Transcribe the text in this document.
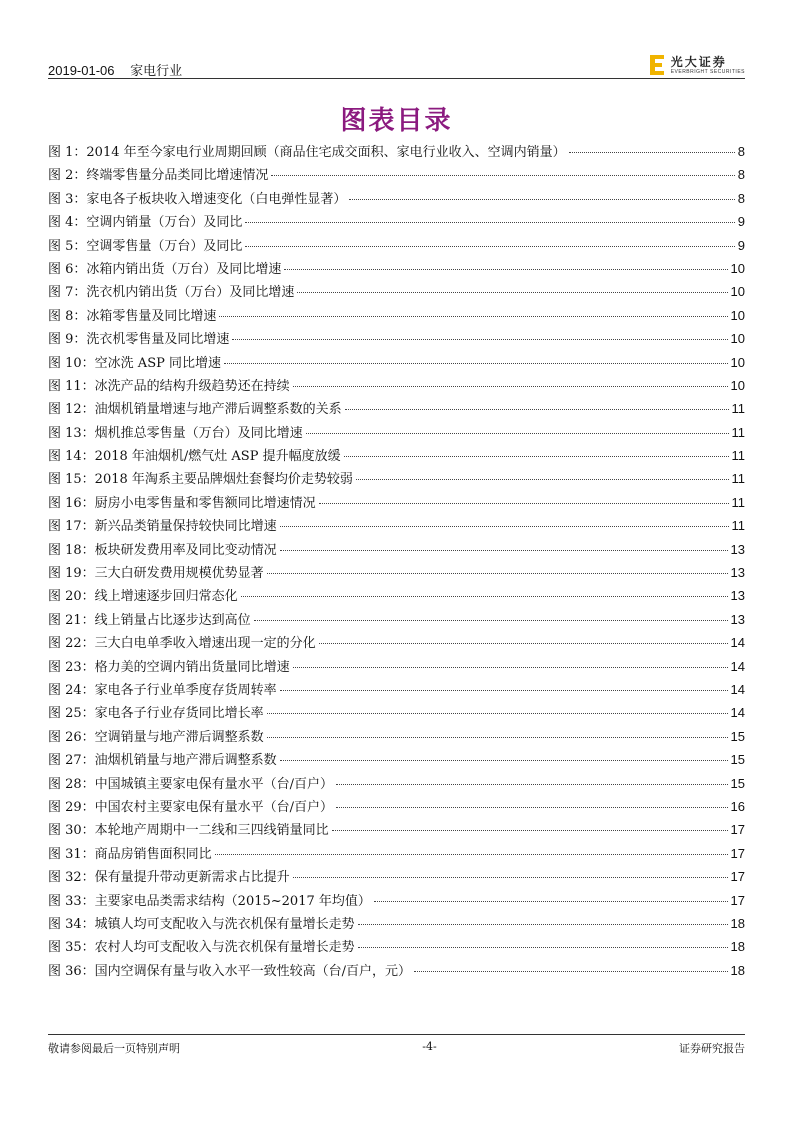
2019-01-06 家电行业
光大证券
EVERBRIGHT SECURITIES
图表目录
图 1：2014 年至今家电行业周期回顾（商品住宅成交面积、家电行业收入、空调内销量）	8
图 2：终端零售量分品类同比增速情况	8
图 3：家电各子板块收入增速变化（白电弹性显著）	8
图 4：空调内销量（万台）及同比	9
图 5：空调零售量（万台）及同比	9
图 6：冰箱内销出货（万台）及同比增速	10
图 7：洗衣机内销出货（万台）及同比增速	10
图 8：冰箱零售量及同比增速	10
图 9：洗衣机零售量及同比增速	10
图 10：空冰洗 ASP 同比增速	10
图 11：冰洗产品的结构升级趋势还在持续	10
图 12：油烟机销量增速与地产滞后调整系数的关系	11
图 13：烟机推总零售量（万台）及同比增速	11
图 14：2018 年油烟机/燃气灶 ASP 提升幅度放缓	11
图 15：2018 年淘系主要品牌烟灶套餐均价走势较弱	11
图 16：厨房小电零售量和零售额同比增速情况	11
图 17：新兴品类销量保持较快同比增速	11
图 18：板块研发费用率及同比变动情况	13
图 19：三大白研发费用规模优势显著	13
图 20：线上增速逐步回归常态化	13
图 21：线上销量占比逐步达到高位	13
图 22：三大白电单季收入增速出现一定的分化	14
图 23：格力美的空调内销出货量同比增速	14
图 24：家电各子行业单季度存货周转率	14
图 25：家电各子行业存货同比增长率	14
图 26：空调销量与地产滞后调整系数	15
图 27：油烟机销量与地产滞后调整系数	15
图 28：中国城镇主要家电保有量水平（台/百户）	15
图 29：中国农村主要家电保有量水平（台/百户）	16
图 30：本轮地产周期中一二线和三四线销量同比	17
图 31：商品房销售面积同比	17
图 32：保有量提升带动更新需求占比提升	17
图 33：主要家电品类需求结构（2015~2017 年均值）	17
图 34：城镇人均可支配收入与洗衣机保有量增长走势	18
图 35：农村人均可支配收入与洗衣机保有量增长走势	18
图 36：国内空调保有量与收入水平一致性较高（台/百户，元）	18
敬请参阅最后一页特别声明	-4-	证券研究报告
